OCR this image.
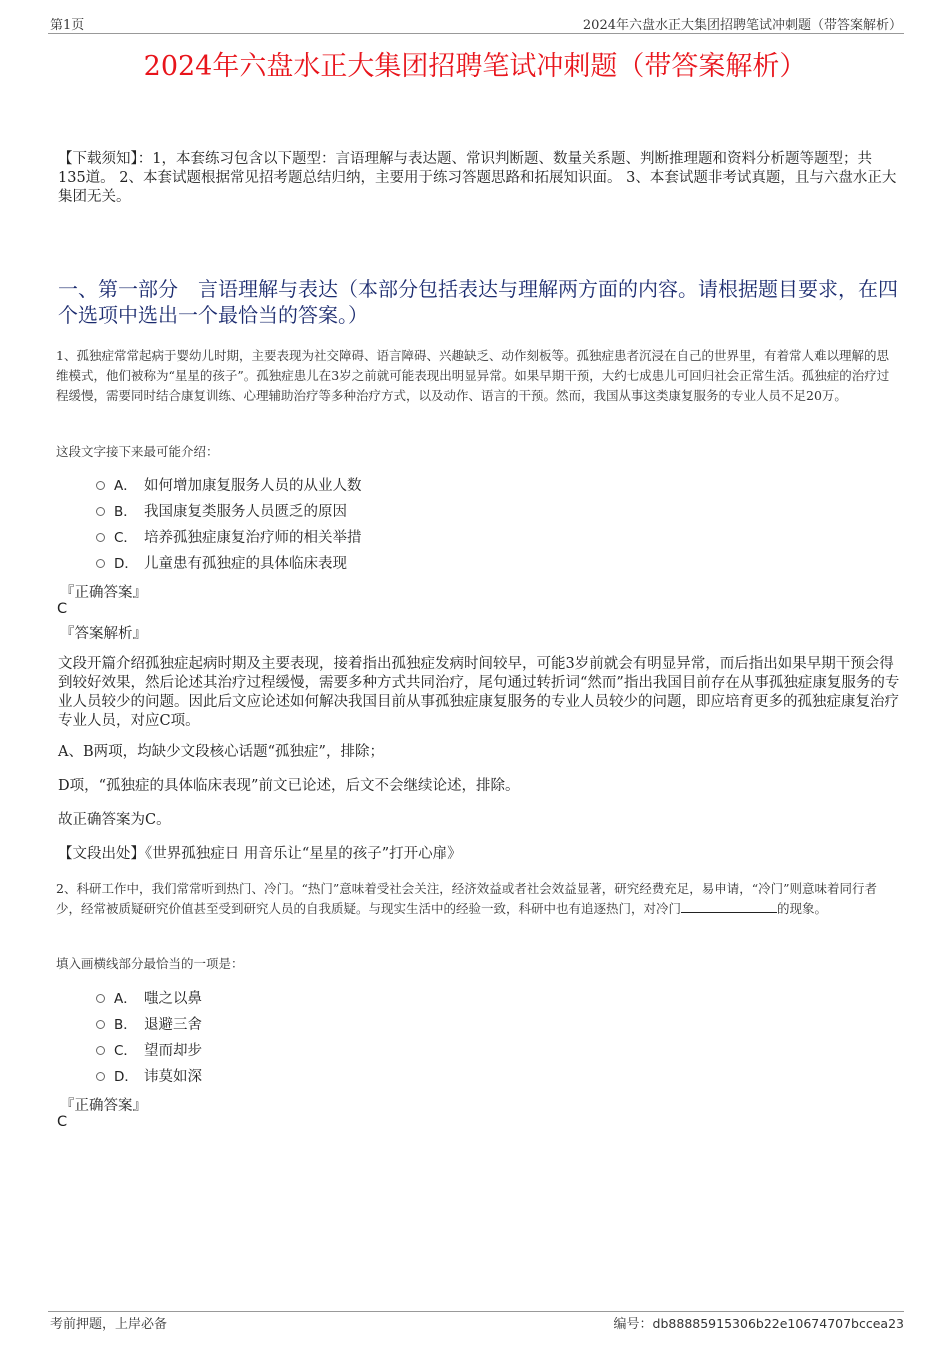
第1页	2024年六盘水正大集团招聘笔试冲刺题（带答案解析）
2024年六盘水正大集团招聘笔试冲刺题（带答案解析）
【下载须知】：1，本套练习包含以下题型：言语理解与表达题、常识判断题、数量关系题、判断推理题和资料分析题等题型；共135道。 2、本套试题根据常见招考题总结归纳，主要用于练习答题思路和拓展知识面。 3、本套试题非考试真题，且与六盘水正大集团无关。
一、第一部分　言语理解与表达（本部分包括表达与理解两方面的内容。请根据题目要求，在四个选项中选出一个最恰当的答案。）
1、孤独症常常起病于婴幼儿时期，主要表现为社交障碍、语言障碍、兴趣缺乏、动作刻板等。孤独症患者沉浸在自己的世界里，有着常人难以理解的思维模式，他们被称为“星星的孩子”。孤独症患儿在3岁之前就可能表现出明显异常。如果早期干预，大约七成患儿可回归社会正常生活。孤独症的治疗过程缓慢，需要同时结合康复训练、心理辅助治疗等多种治疗方式，以及动作、语言的干预。然而，我国从事这类康复服务的专业人员不足20万。
这段文字接下来最可能介绍：
A． 如何增加康复服务人员的从业人数
B． 我国康复类服务人员匮乏的原因
C． 培养孤独症康复治疗师的相关举措
D． 儿童患有孤独症的具体临床表现
『正确答案』
C
『答案解析』
文段开篇介绍孤独症起病时期及主要表现，接着指出孤独症发病时间较早，可能3岁前就会有明显异常，而后指出如果早期干预会得到较好效果，然后论述其治疗过程缓慢，需要多种方式共同治疗，尾句通过转折词“然而”指出我国目前存在从事孤独症康复服务的专业人员较少的问题。因此后文应论述如何解决我国目前从事孤独症康复服务的专业人员较少的问题，即应培育更多的孤独症康复治疗专业人员，对应C项。
A、B两项，均缺少文段核心话题“孤独症”，排除；
D项，“孤独症的具体临床表现”前文已论述，后文不会继续论述，排除。
故正确答案为C。
【文段出处】《世界孤独症日 用音乐让“星星的孩子”打开心扉》
2、科研工作中，我们常常听到热门、冷门。“热门”意味着受社会关注，经济效益或者社会效益显著，研究经费充足，易申请，“冷门”则意味着同行者少，经常被质疑研究价值甚至受到研究人员的自我质疑。与现实生活中的经验一致，科研中也有追逐热门，对冷门	的现象。
填入画横线部分最恰当的一项是：
A． 嗤之以鼻
B． 退避三舍
C． 望而却步
D． 讳莫如深
『正确答案』
C
考前押题，上岸必备	编号：db88885915306b22e10674707bccea23
